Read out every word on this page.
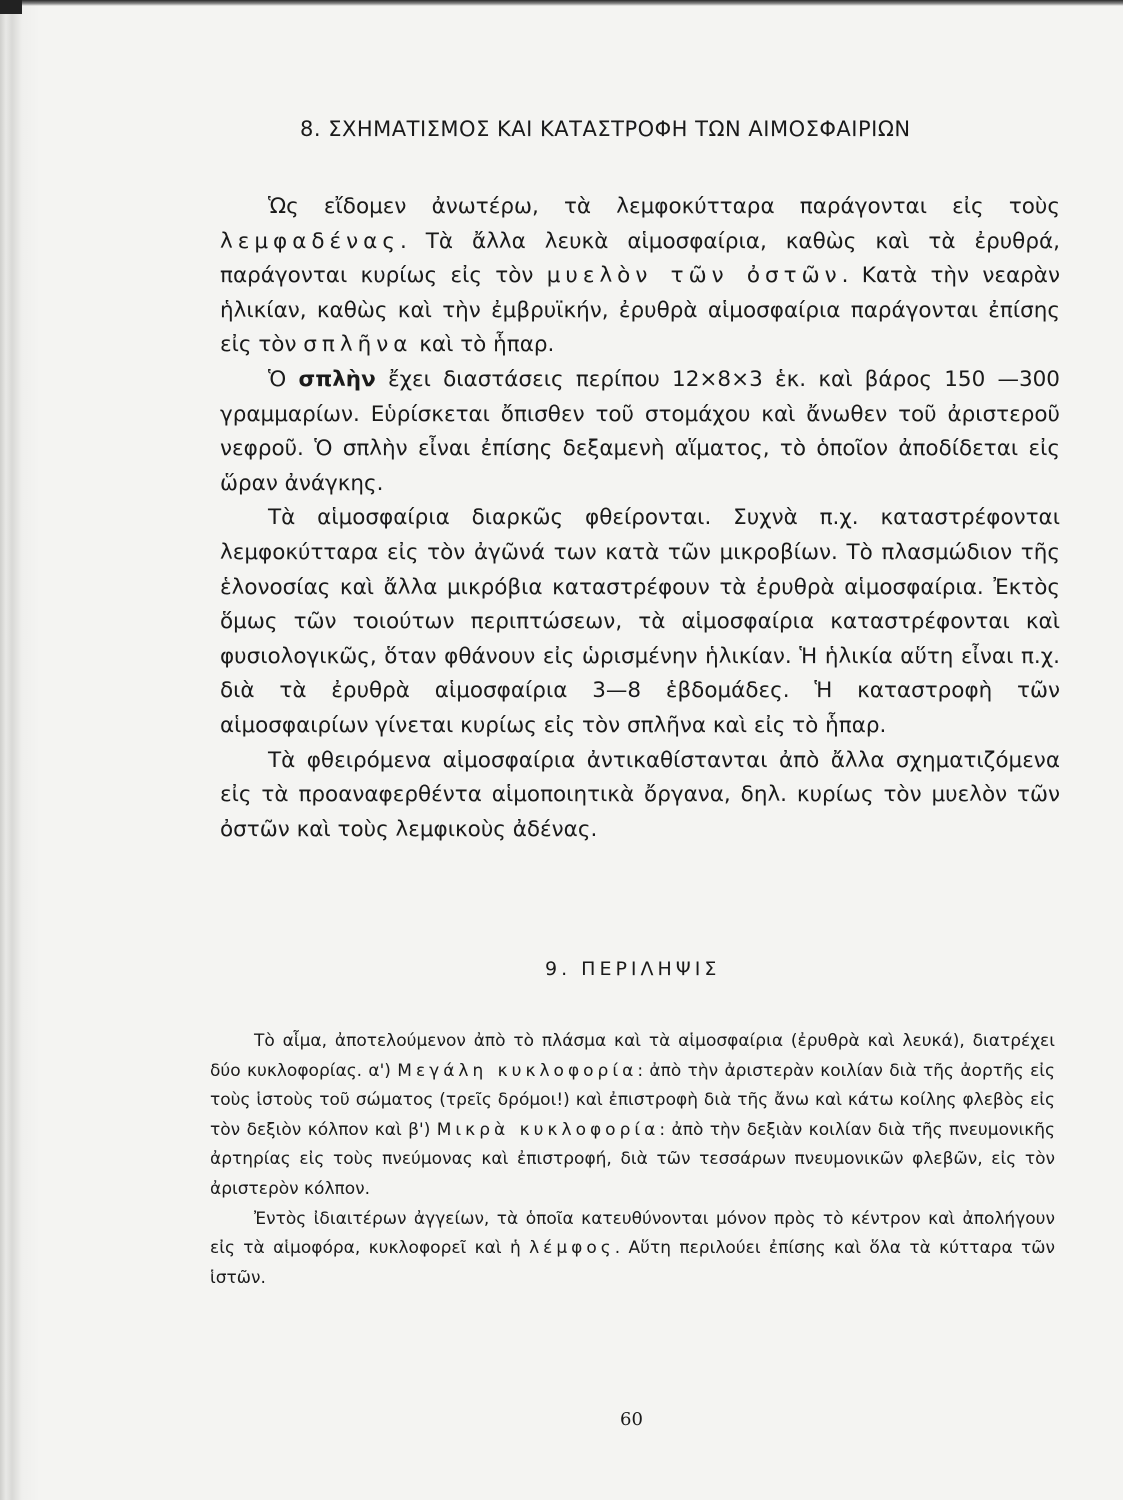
8. ΣΧΗΜΑΤΙΣΜΟΣ ΚΑΙ ΚΑΤΑΣΤΡΟΦΗ ΤΩΝ ΑΙΜΟΣΦΑΙΡΙΩΝ

Ὡς εἴδομεν ἀνωτέρω, τὰ λεμφοκύτταρα παράγονται εἰς τοὺς λεμφαδένας. Τὰ ἄλλα λευκὰ αἱμοσφαίρια, καθὼς καὶ τὰ ἐρυθρά, παράγονται κυρίως εἰς τὸν μυελὸν τῶν ὀστῶν. Κατὰ τὴν νεαρὰν ἡλικίαν, καθὼς καὶ τὴν ἐμβρυϊκήν, ἐρυθρὰ αἱμοσφαίρια παράγονται ἐπίσης εἰς τὸν σπλῆνα καὶ τὸ ἧπαρ.

Ὁ σπλὴν ἔχει διαστάσεις περίπου 12×8×3 ἑκ. καὶ βάρος 150 —300 γραμμαρίων. Εὑρίσκεται ὄπισθεν τοῦ στομάχου καὶ ἄνωθεν τοῦ ἀριστεροῦ νεφροῦ. Ὁ σπλὴν εἶναι ἐπίσης δεξαμενὴ αἵματος, τὸ ὁποῖον ἀποδίδεται εἰς ὥραν ἀνάγκης.

Τὰ αἱμοσφαίρια διαρκῶς φθείρονται. Συχνὰ π.χ. καταστρέφονται λεμφοκύτταρα εἰς τὸν ἀγῶνά των κατὰ τῶν μικροβίων. Τὸ πλασμώδιον τῆς ἑλονοσίας καὶ ἄλλα μικρόβια καταστρέφουν τὰ ἐρυθρὰ αἱμοσφαίρια. Ἐκτὸς ὅμως τῶν τοιούτων περιπτώσεων, τὰ αἱμοσφαίρια καταστρέφονται καὶ φυσιολογικῶς, ὅταν φθάνουν εἰς ὡρισμένην ἡλικίαν. Ἡ ἡλικία αὕτη εἶναι π.χ. διὰ τὰ ἐρυθρὰ αἱμοσφαίρια 3—8 ἑβδομάδες. Ἡ καταστροφὴ τῶν αἱμοσφαιρίων γίνεται κυρίως εἰς τὸν σπλῆνα καὶ εἰς τὸ ἧπαρ.

Τὰ φθειρόμενα αἱμοσφαίρια ἀντικαθίστανται ἀπὸ ἄλλα σχηματιζόμενα εἰς τὰ προαναφερθέντα αἱμοποιητικὰ ὄργανα, δηλ. κυρίως τὸν μυελὸν τῶν ὀστῶν καὶ τοὺς λεμφικοὺς ἀδένας.

9. ΠΕΡΙΛΗΨΙΣ

Τὸ αἷμα, ἀποτελούμενον ἀπὸ τὸ πλάσμα καὶ τὰ αἱμοσφαίρια (ἐρυθρὰ καὶ λευκά), διατρέχει δύο κυκλοφορίας. α') Μεγάλη κυκλοφορία: ἀπὸ τὴν ἀριστερὰν κοιλίαν διὰ τῆς ἀορτῆς εἰς τοὺς ἱστοὺς τοῦ σώματος (τρεῖς δρόμοι!) καὶ ἐπιστροφὴ διὰ τῆς ἄνω καὶ κάτω κοίλης φλεβὸς εἰς τὸν δεξιὸν κόλπον καὶ β') Μικρὰ κυκλοφορία: ἀπὸ τὴν δεξιὰν κοιλίαν διὰ τῆς πνευμονικῆς ἀρτηρίας εἰς τοὺς πνεύμονας καὶ ἐπιστροφή, διὰ τῶν τεσσάρων πνευμονικῶν φλεβῶν, εἰς τὸν ἀριστερὸν κόλπον.

Ἐντὸς ἰδιαιτέρων ἀγγείων, τὰ ὁποῖα κατευθύνονται μόνον πρὸς τὸ κέντρον καὶ ἀπολήγουν εἰς τὰ αἱμοφόρα, κυκλοφορεῖ καὶ ἡ λέμφος. Αὕτη περιλούει ἐπίσης καὶ ὅλα τὰ κύτταρα τῶν ἱστῶν.

60
